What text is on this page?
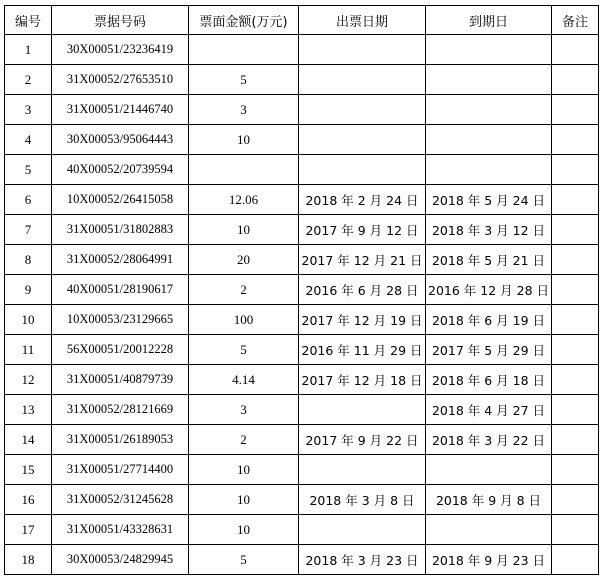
编号	票据号码	票面金额(万元)	出票日期	到期日	备注
1	30X00051/23236419				
2	31X00052/27653510	5			
3	31X00051/21446740	3			
4	30X00053/95064443	10			
5	40X00052/20739594				
6	10X00052/26415058	12.06	2018 年 2 月 24 日	2018 年 5 月 24 日	
7	31X00051/31802883	10	2017 年 9 月 12 日	2018 年 3 月 12 日	
8	31X00052/28064991	20	2017 年 12 月 21 日	2018 年 5 月 21 日	
9	40X00051/28190617	2	2016 年 6 月 28 日	2016 年 12 月 28 日	
10	10X00053/23129665	100	2017 年 12 月 19 日	2018 年 6 月 19 日	
11	56X00051/20012228	5	2016 年 11 月 29 日	2017 年 5 月 29 日	
12	31X00051/40879739	4.14	2017 年 12 月 18 日	2018 年 6 月 18 日	
13	31X00052/28121669	3		2018 年 4 月 27 日	
14	31X00051/26189053	2	2017 年 9 月 22 日	2018 年 3 月 22 日	
15	31X00051/27714400	10			
16	31X00052/31245628	10	2018 年 3 月 8 日	2018 年 9 月 8 日	
17	31X00051/43328631	10			
18	30X00053/24829945	5	2018 年 3 月 23 日	2018 年 9 月 23 日	
